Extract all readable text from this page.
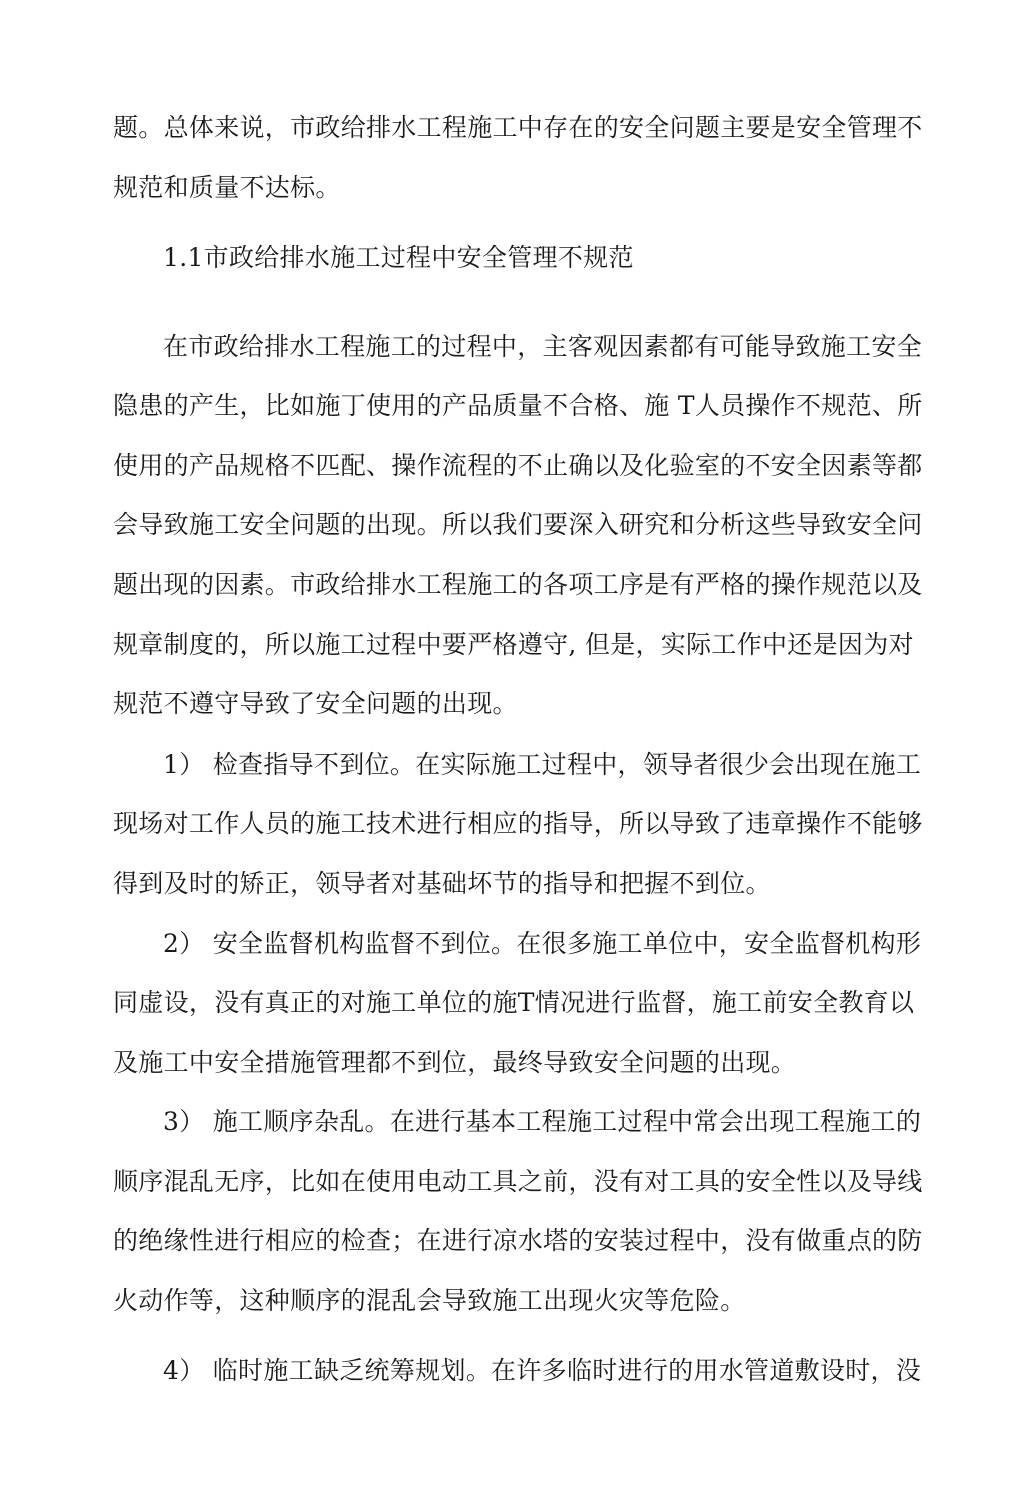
题。总体来说，市政给排水工程施工中存在的安全问题主要是安全管理不
规范和质量不达标。
1.1市政给排水施工过程中安全管理不规范
在市政给排水工程施工的过程中，主客观因素都有可能导致施工安全
隐患的产生，比如施丁使用的产品质量不合格、施 T人员操作不规范、所
使用的产品规格不匹配、操作流程的不止确以及化验室的不安全因素等都
会导致施工安全问题的出现。所以我们要深入研究和分析这些导致安全问
题出现的因素。市政给排水工程施工的各项工序是有严格的操作规范以及
规章制度的，所以施工过程中要严格遵守, 但是，实际工作中还是因为对
规范不遵守导致了安全问题的出现。
1） 检查指导不到位。在实际施工过程中，领导者很少会出现在施工
现场对工作人员的施工技术进行相应的指导，所以导致了违章操作不能够
得到及时的矫正，领导者对基础坏节的指导和把握不到位。
2） 安全监督机构监督不到位。在很多施工单位中，安全监督机构形
同虚设，没有真正的对施工单位的施T情况进行监督，施工前安全教育以
及施工中安全措施管理都不到位，最终导致安全问题的出现。
3） 施工顺序杂乱。在进行基本工程施工过程中常会出现工程施工的
顺序混乱无序，比如在使用电动工具之前，没有对工具的安全性以及导线
的绝缘性进行相应的检查；在进行凉水塔的安装过程中，没有做重点的防
火动作等，这种顺序的混乱会导致施工出现火灾等危险。
4） 临时施工缺乏统筹规划。在许多临时进行的用水管道敷设时，没
